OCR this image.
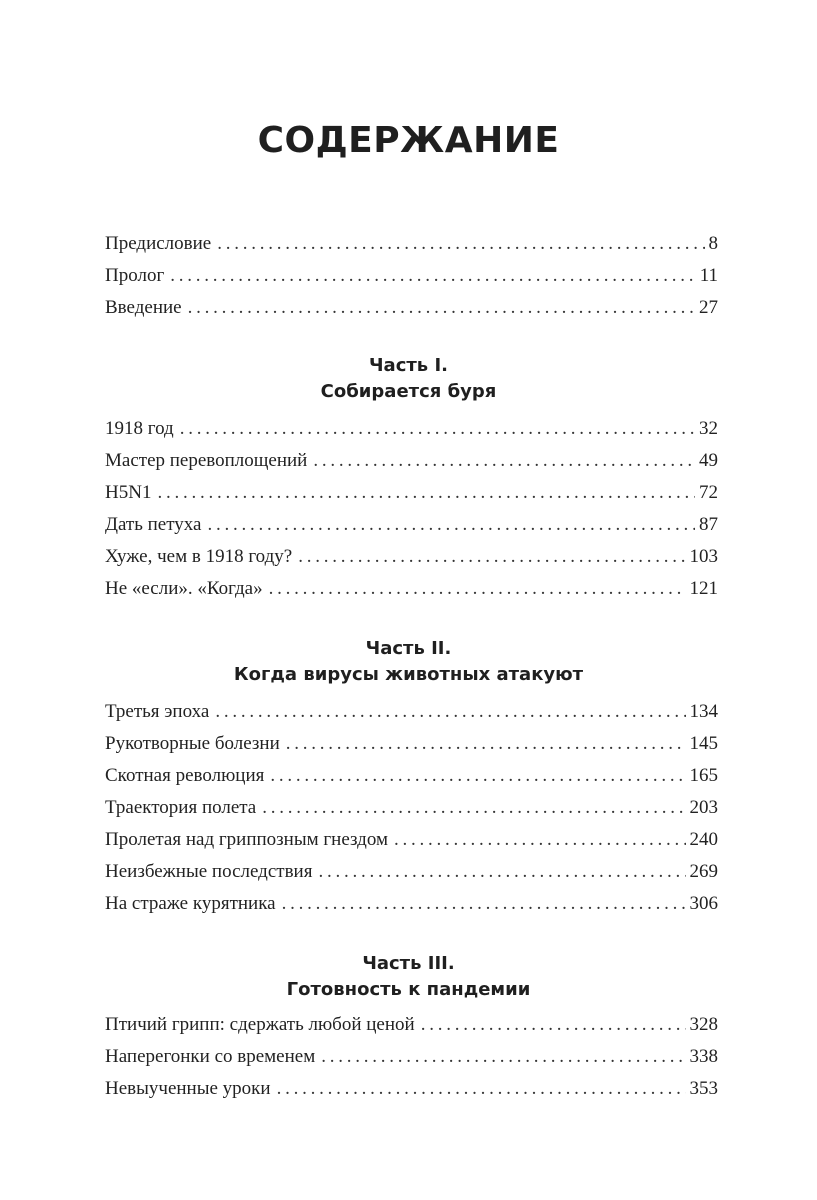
СОДЕРЖАНИЕ
Предисловие . . .	8
Пролог . . .	11
Введение . . .	27
Часть I.
Собирается буря
1918 год . . .	32
Мастер перевоплощений . . .	49
H5N1 . . .	72
Дать петуха . . .	87
Хуже, чем в 1918 году? . . .	103
Не «если». «Когда» . . .	121
Часть II.
Когда вирусы животных атакуют
Третья эпоха . . .	134
Рукотворные болезни . . .	145
Скотная революция . . .	165
Траектория полета . . .	203
Пролетая над гриппозным гнездом . . .	240
Неизбежные последствия . . .	269
На страже курятника . . .	306
Часть III.
Готовность к пандемии
Птичий грипп: сдержать любой ценой . . .	328
Наперегонки со временем . . .	338
Невыученные уроки . . .	353
